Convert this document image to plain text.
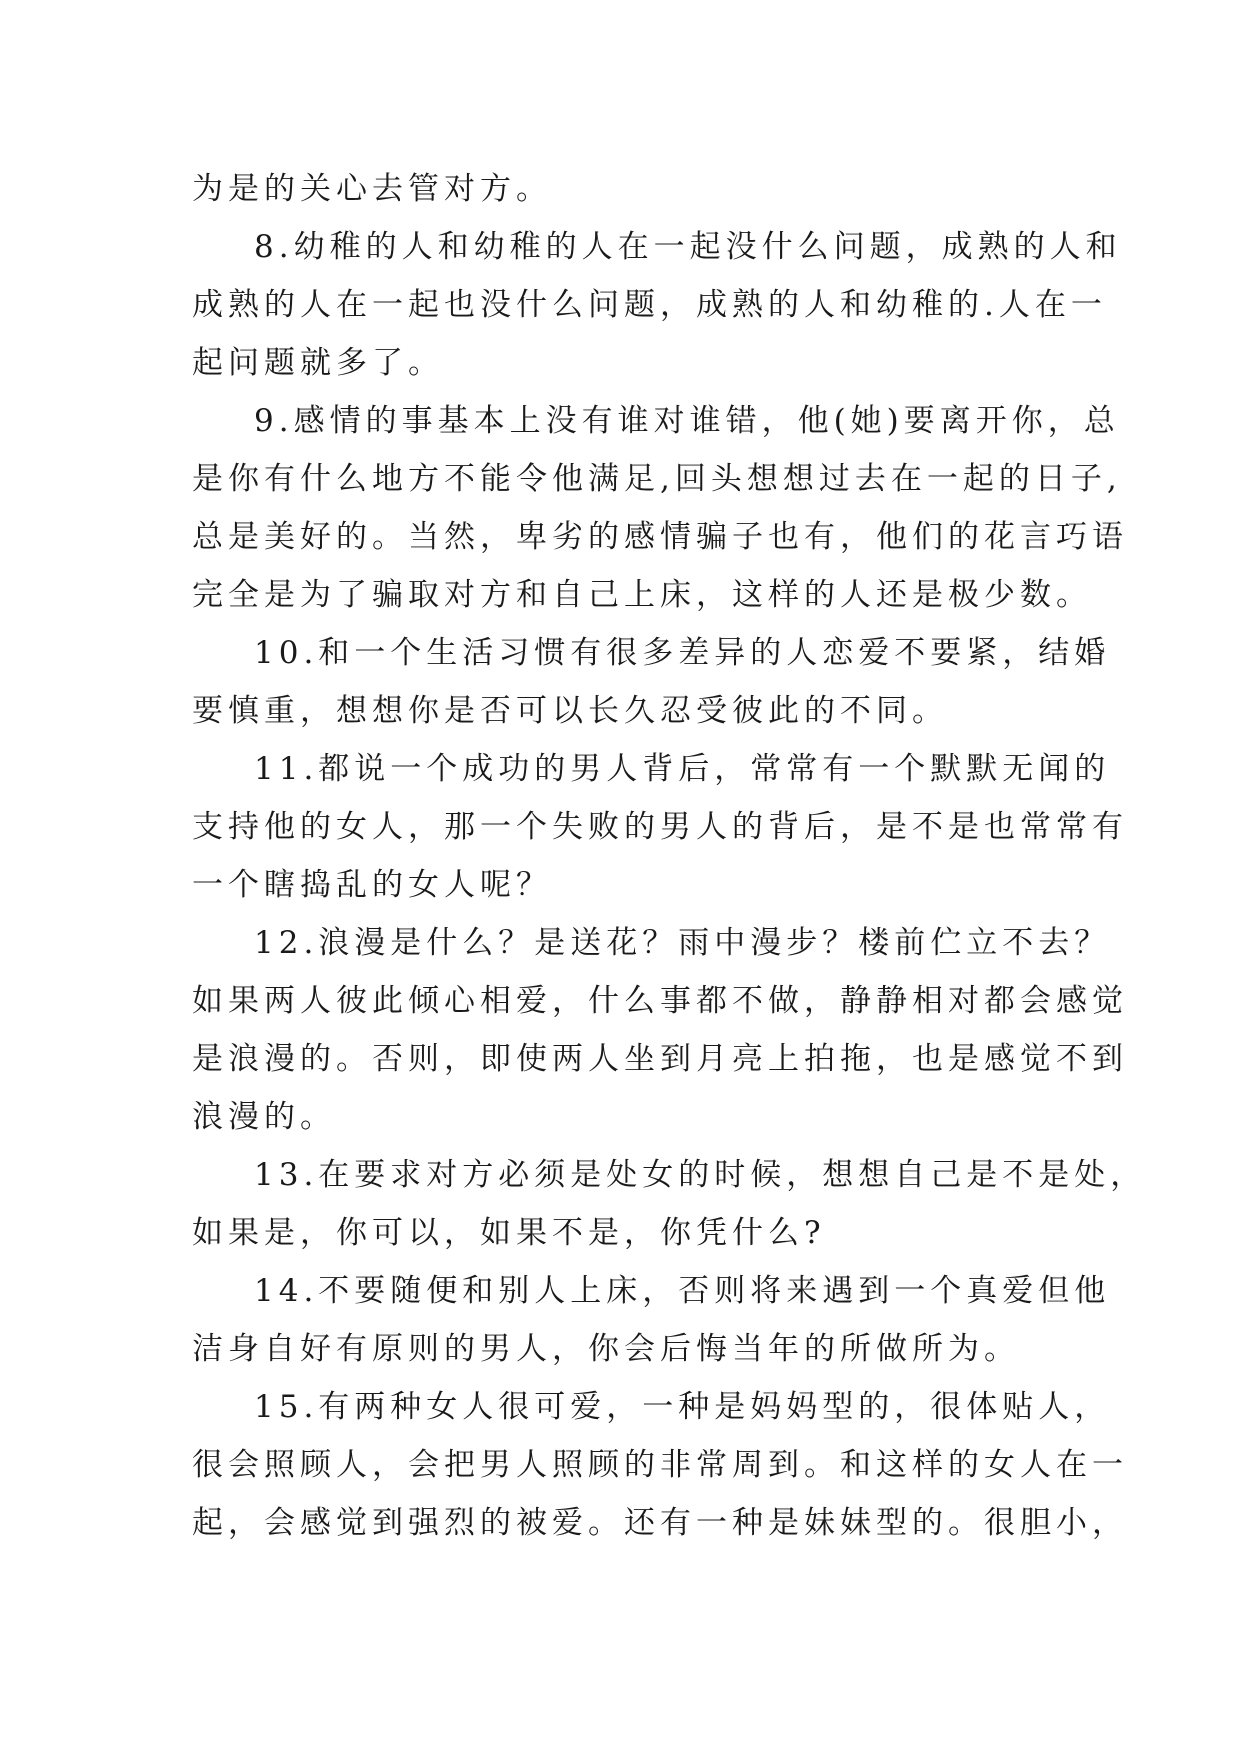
为是的关心去管对方。
8.幼稚的人和幼稚的人在一起没什么问题，成熟的人和
成熟的人在一起也没什么问题，成熟的人和幼稚的.人在一
起问题就多了。
9.感情的事基本上没有谁对谁错，他(她)要离开你，总
是你有什么地方不能令他满足,回头想想过去在一起的日子,
总是美好的。当然，卑劣的感情骗子也有，他们的花言巧语
完全是为了骗取对方和自己上床，这样的人还是极少数。
10.和一个生活习惯有很多差异的人恋爱不要紧，结婚
要慎重，想想你是否可以长久忍受彼此的不同。
11.都说一个成功的男人背后，常常有一个默默无闻的
支持他的女人，那一个失败的男人的背后，是不是也常常有
一个瞎捣乱的女人呢？
12.浪漫是什么？是送花？雨中漫步？楼前伫立不去？
如果两人彼此倾心相爱，什么事都不做，静静相对都会感觉
是浪漫的。否则，即使两人坐到月亮上拍拖，也是感觉不到
浪漫的。
13.在要求对方必须是处女的时候，想想自己是不是处，
如果是，你可以，如果不是，你凭什么?
14.不要随便和别人上床，否则将来遇到一个真爱但他
洁身自好有原则的男人，你会后悔当年的所做所为。
15.有两种女人很可爱，一种是妈妈型的，很体贴人，
很会照顾人，会把男人照顾的非常周到。和这样的女人在一
起，会感觉到强烈的被爱。还有一种是妹妹型的。很胆小，
